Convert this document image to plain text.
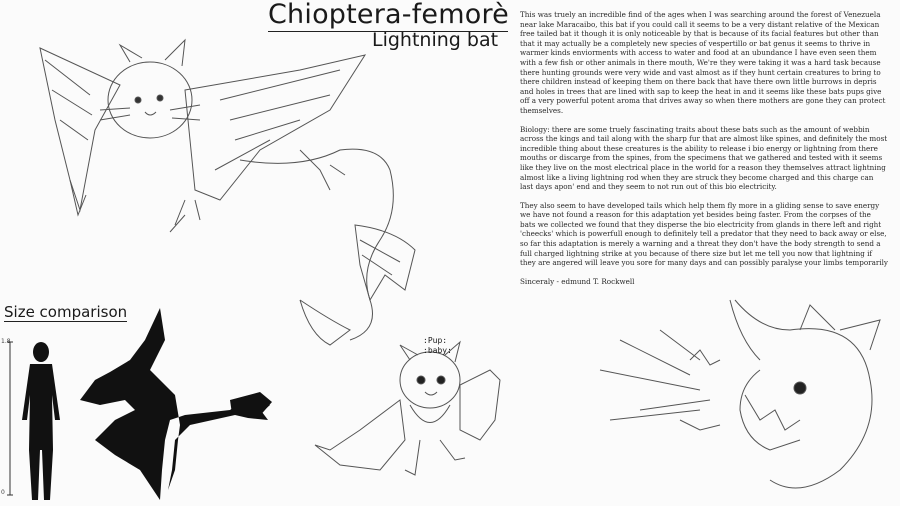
Chioptera-femorè
Lightning bat

This was truely an incredible find of the ages when I was searching around the forest of Venezuela near lake Maracaibo, this bat if you could call it seems to be a very distant relative of the Mexican free tailed bat it though it is only noticeable by that is because of its facial features but other than that it may actually be a completely new species of vespertillo or bat genus it seems to thrive in warmer kinds enviorments with access to water and food at an ubundance I have even seen them with a few fish or other animals in there mouth, We're they were taking it was a hard task because there hunting grounds were very wide and vast almost as if they hunt certain creatures to bring to there children instead of keeping them on there back that have there own little burrows in depris and holes in trees that are lined with sap to keep the heat in and it seems like these bats pups give off a very powerful potent aroma that drives away so when there mothers are gone they can protect themselves.

Biology: there are some truely fascinating traits about these bats such as the amount of webbin across the kings and tail along with the sharp fur that are almost like spines, and definitely the most incredible thing about these creatures is the ability to release i bio energy or lightning from there mouths or discarge from the spines, from the specimens that we gathered and tested with it seems like they live on the most electrical place in the world for a reason they themselves attract lightning almost like a living lightning rod when they are struck they become charged and this charge can last days apon' end and they seem to not run out of this bio electricity.

They also seem to have developed tails which help them fly more in a gliding sense to save energy we have not found a reason for this adaptation yet besides being faster. From the corpses of the bats we collected we found that they disperse the bio electricity from glands in there left and right 'cheecks' which is powerfull enough to definitely tell a predator that they need to back away or else, so far this adaptation is merely a warning and a threat they don't have the body strength to send a full charged lightning strike at you because of there size but let me tell you now that lightning if they are angered will leave you sore for many days and can possibly paralyse your limbs temporarily

Sinceraly - edmund T. Rockwell

Size comparison
1.8
0
:Pup:
:baby:
